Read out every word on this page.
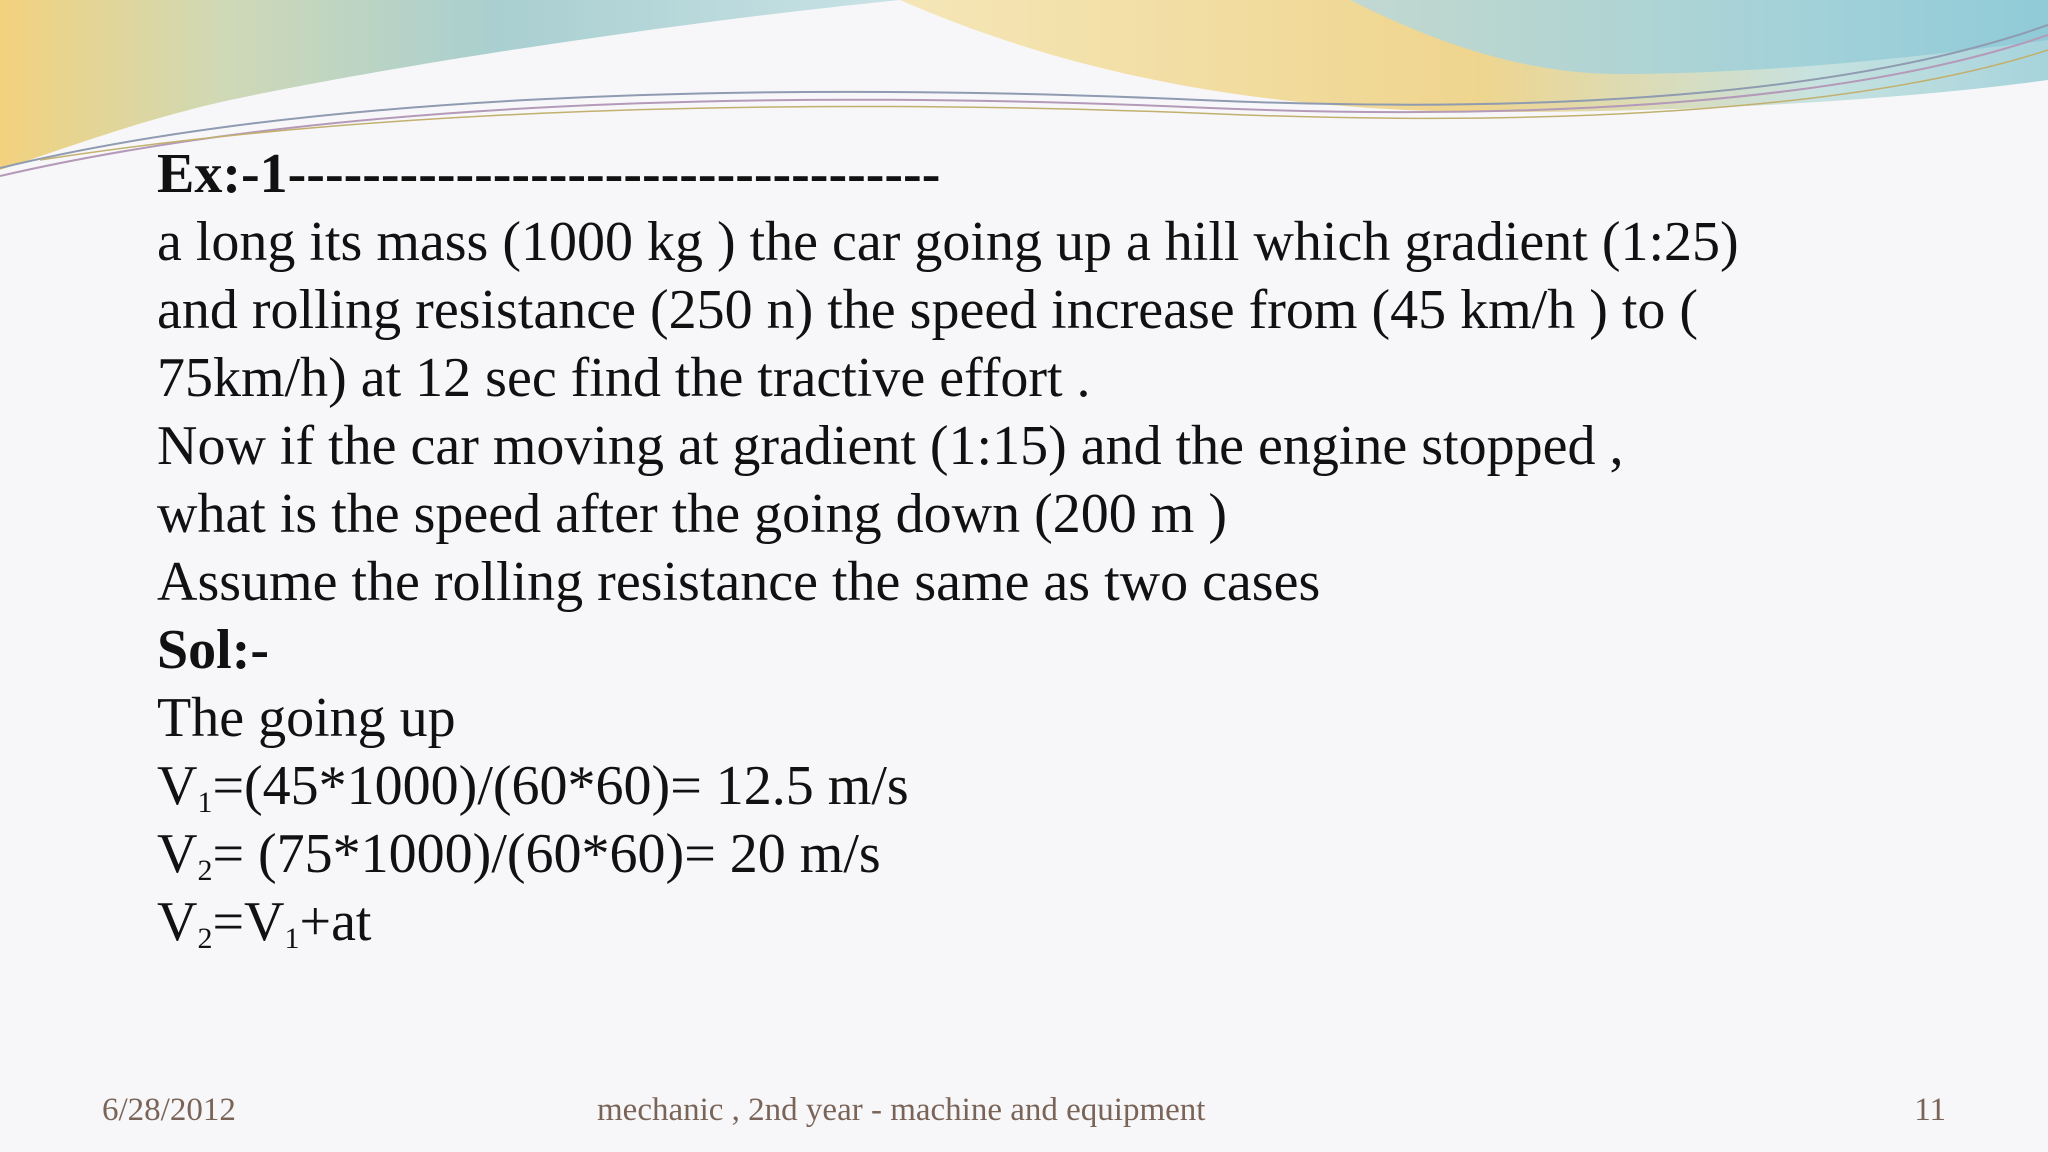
Ex:-1-----------------------------------
a long its mass (1000 kg ) the car going up a hill which gradient (1:25)
and rolling resistance (250 n) the speed increase from (45 km/h ) to (
75km/h) at 12 sec find the tractive effort .
Now if the car moving at gradient (1:15) and the engine stopped ,
what is the speed after the going down (200 m )
Assume the rolling resistance the same as two cases
Sol:-
The going up
$V_1=(45*1000)/(60*60)= 12.5$ m/s
$V_2= (75*1000)/(60*60)= 20$ m/s
$V_2=V_1+at$
6/28/2012	mechanic , 2nd year - machine and equipment	11
